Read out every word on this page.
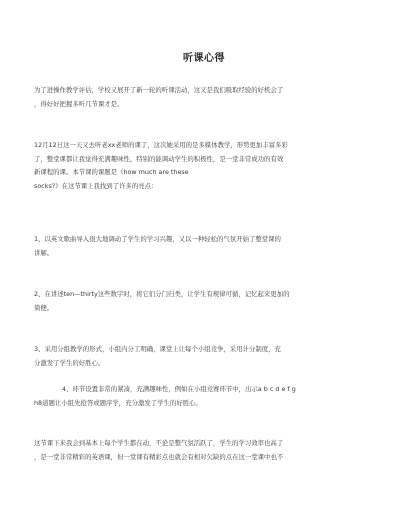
听课心得

为了进操作教学评估，学校又展开了新一轮的听课活动，这又是我们吸取经验的好机会了

，得好好把握多听几节课才是。

12月12日这一天又去听老xx老师的课了，这次她采用的是多媒体教学，形势更加丰富多彩

了，整堂课都让我觉得充满趣味性，特别的能调动学生的积极性，是一堂非常成功的有效

新课程的课。本节课的课题是《how much are these

socks?》在这节课上我找到了许多的亮点：

1、以英文歌曲导入很大地调动了学生的学习兴趣，又以一种轻松的气氛开始了整堂课的

讲解。

2、在讲述ten—thirty这些数字时，将它们分门归类，让学生有规律可循，记忆起来更加的

简便。

3、采用分组教学的形式，小组内分工明确，课堂上让每个小组竞争，采用计分制度，充

分激发了学生的好胜心。

4、环节设置非常的紧凑，充满趣味性，例如在小组竞赛环节中，出示a b c d e f g

h8道题让小组先抢答或题序学，充分激发了学生的好胜心。

这节课下来我会到基本上每个学生都在动，不论是整气氛活跃了，学生的学习效率也高了

，是一堂非常精彩的英语课，但一堂课有精彩点也就会有相对欠缺的点在这一堂课中也不
